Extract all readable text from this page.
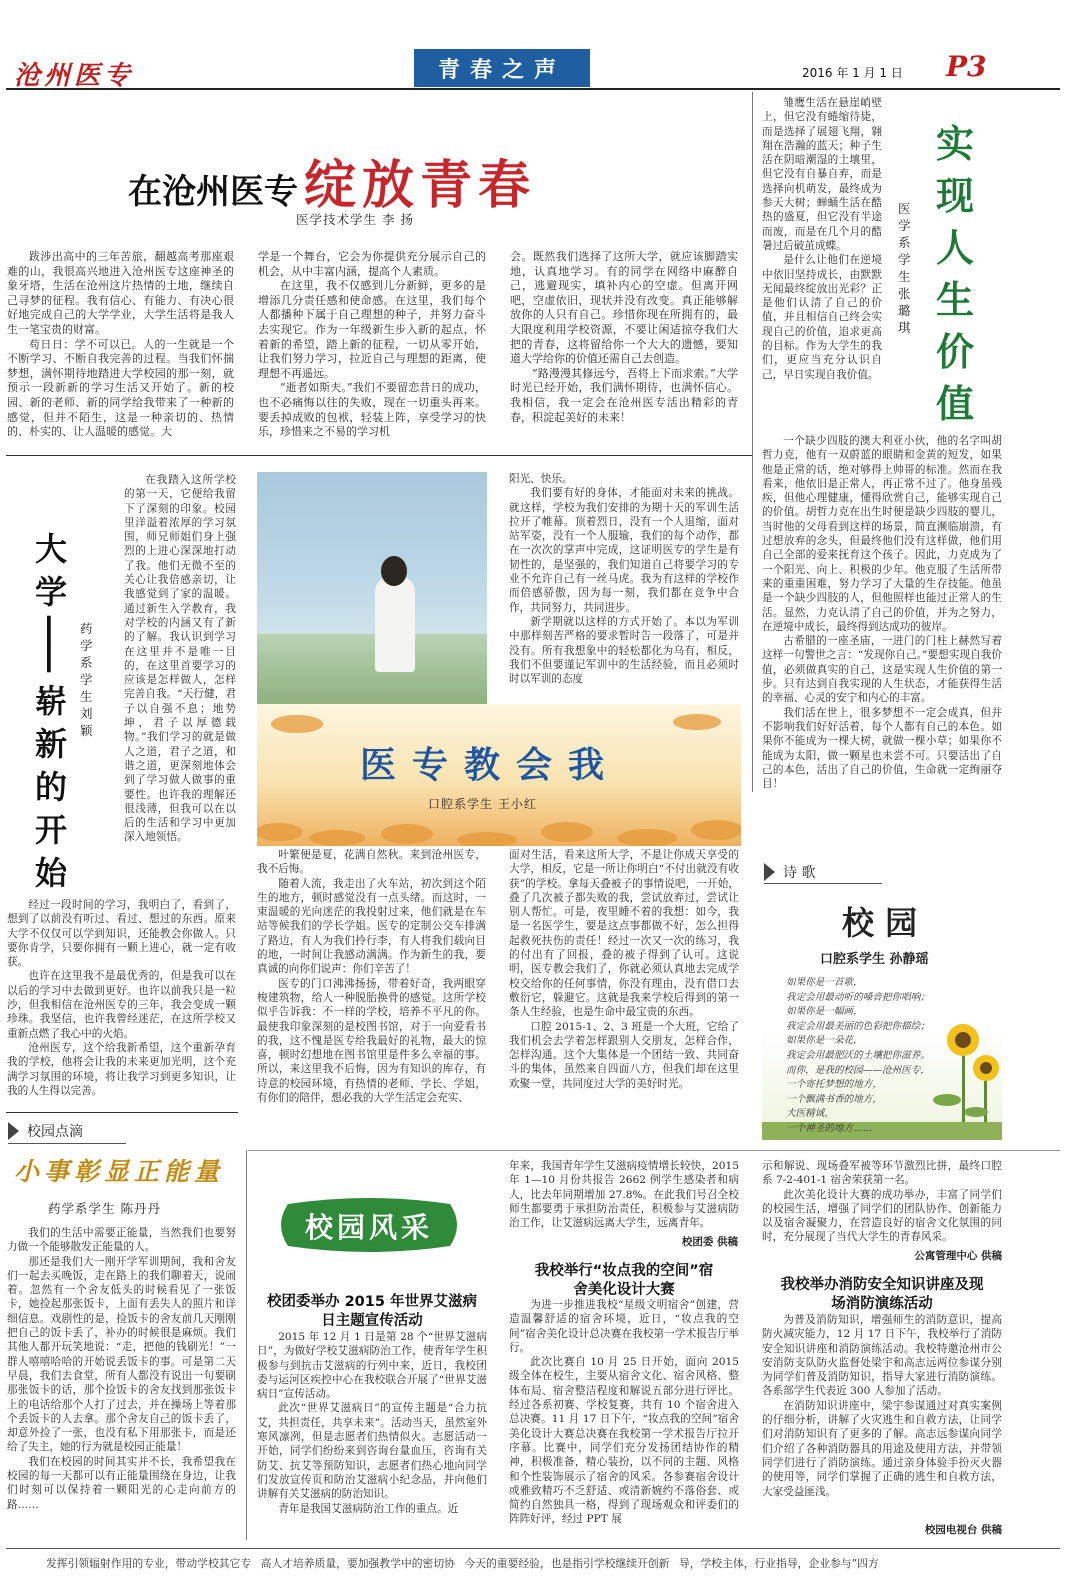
沧州医专	青春之声	2016 年 1 月 1 日 P3
在沧州医专 绽放青春
医学技术学生 李 扬

跋涉出高中的三年苦旅，翻越高考那座艰难的山，我很高兴地进入沧州医专这座神圣的象牙塔，生活在沧州这片热情的土地，继续自己寻梦的征程。我有信心、有能力、有决心很好地完成自己的大学学业，大学生活将是我人生一笔宝贵的财富。

苟日日：学不可以已。人的一生就是一个不断学习、不断自我完善的过程。当我们怀揣梦想，满怀期待地踏进大学校园的那一刻，就预示一段新新的学习生活又开始了。新的校园、新的老师、新的同学给我带来了一种新的感觉，但并不陌生，这是一种亲切的、热情的、朴实的、让人温暖的感觉。大

学是一个舞台，它会为你提供充分展示自己的机会，从中丰富内涵，提高个人素质。

在这里，我不仅感到儿分新鲜，更多的是增添几分责任感和使命感。在这里，我们每个人都播种下属于自己理想的种子，并努力奋斗去实现它。作为一年级新生步入新的起点，怀着新的希望，踏上新的征程，一切从零开始，让我们努力学习，拉近自己与理想的距离，使理想不再遥远。

“逝者如斯夫。”我们不要留恋昔日的成功，也不必痛悔以往的失败，现在一切重头再来。要丢掉成败的包袱，轻装上阵，享受学习的快乐，珍惜来之不易的学习机

会。既然我们选择了这所大学，就应该脚踏实地，认真地学习。有的同学在网络中麻醉自己，逃避现实，填补内心的空虚。但离开网吧，空虚依旧，现状并没有改变。真正能够解放你的人只有自己。珍惜你现在所拥有的，最大限度利用学校资源，不要让闲适掠夺我们大把的青春，这将留给你一个大大的遗憾，要知道大学给你的价值还需自己去创造。

“路漫漫其修远兮，吾将上下而求索。”大学时光已经开始，我们满怀期待，也满怀信心。我相信，我一定会在沧州医专活出精彩的青春，积淀起美好的未来！

雏鹰生活在悬崖峭壁上，但它没有蜷缩待毙，而是选择了展翅飞翔，翱翔在浩瀚的蓝天；种子生活在阴暗潮湿的土壤里，但它没有自暴自弃，而是选择向机萌发，最终成为参天大树；蝉蛹生活在酷热的盛夏，但它没有半途而废，而是在几个月的酷暑过后破茧成蝶。

是什么让他们在逆境中依旧坚持成长，由默默无闻最终绽放出光彩？正是他们认清了自己的价值，并且相信自己终会实现自己的价值，追求更高的目标。作为大学生的我们，更应当充分认识自己，早日实现自我价值。

实
现
人
生
价
值
医学系学生 张璐琪

一个缺少四肢的澳大利亚小伙，他的名字叫胡哲力克，他有一双蔚蓝的眼睛和金黄的短发，如果他是正常的话，绝对够得上帅哥的标准。然而在我看来，他依旧是正常人，再正常不过了。他身虽残疾，但他心理健康，懂得欣赏自己，能够实现自己的价值。胡哲力克在出生时便是缺少四肢的婴儿，当时他的父母看到这样的场景，简直濒临崩溃，有过想放弃的念头，但最终他们没有这样做，他们用自己全部的爱来抚育这个孩子。因此，力克成为了一个阳光、向上、积极的少年。他克服了生活所带来的重重困难，努力学习了大量的生存技能。他虽是一个缺少四肢的人，但他照样也能过正常人的生活。显然，力克认清了自己的价值，并为之努力，在逆境中成长，最终得到达成功的彼岸。

古希腊的一座圣庙，一进门的门柱上赫然写着这样一句警世之言：“发现你自己。”要想实现自我价值，必须做真实的自己，这是实现人生价值的第一步。只有达到自我实现的人生状态，才能获得生活的幸福、心灵的安宁和内心的丰富。

我们活在世上，很多梦想不一定会成真，但并不影响我们好好活着，每个人都有自己的本色。如果你不能成为一棵大树，就做一棵小草；如果你不能成为太阳，做一颗星也未尝不可。只要活出了自己的本色，活出了自己的价值，生命就一定绚丽夺目！

大
学
——
崭
新
的
开
始
药学系学生 刘颖

在我踏入这所学校的第一天，它便给我留下了深刻的印象。校园里洋溢着浓厚的学习氛围，师兄师姐们身上强烈的上进心深深地打动了我。他们无微不至的关心让我倍感亲切，让我感觉到了家的温暖。通过新生入学教育，我对学校的内涵又有了新的了解。我认识到学习在这里并不是唯一目的，在这里首要学习的应该是怎样做人，怎样完善自我。“天行健，君子以自强不息；地势坤，君子以厚德载物。”我们学习的就是做人之道，君子之道，和谐之道，更深刻地体会到了学习做人做事的重要性。也许我的理解还很浅薄，但我可以在以后的生活和学习中更加深入地领悟。

经过一段时间的学习，我明白了，看到了，想到了以前没有听过、看过、想过的东西。原来大学不仅仅可以学到知识，还能教会你做人。只要你肯学，只要你拥有一颗上进心，就一定有收获。

也许在这里我不是最优秀的，但是我可以在以后的学习中去做到更好。也许以前我只是一粒沙，但我相信在沧州医专的三年，我会变成一颗珍珠。我坚信，也许我曾经迷茫，在这所学校又重新点燃了我心中的火焰。

沧州医专，这个给我新希望，这个重新孕育我的学校，他将会让我的未来更加光明，这个充满学习氛围的环境，将让我学习到更多知识，让我的人生得以完善。

医专教会我
口腔系学生 王小红

阳光、快乐。

我们要有好的身体，才能面对未来的挑战。就这样，学校为我们安排的为期十天的军训生活拉开了帷幕。顶着烈日，没有一个人退缩，面对站军姿，没有一个人服输，我们的每个动作，都在一次次的掌声中完成，这证明医专的学生是有韧性的，是坚强的，我们知道自己将要学习的专业不允许自己有一丝马虎。我为有这样的学校作而倍感骄傲，因为每一刻，我们都在竞争中合作，共同努力，共同进步。

新学期就以这样的方式开始了。本以为军训中那样刻苦严格的要求暂时告一段落了，可是并没有。所有我想象中的轻松都化为乌有，相反，我们不但要谨记军训中的生活经验，而且必须时时以军训的态度

叶繁便是夏，花满自然秋。来到沧州医专，我不后悔。

随着人流，我走出了火车站，初次到这个陌生的地方，顿时感觉没有一点头绪。而这时，一束温暖的光向迷茫的我投射过来，他们就是在车站等候我们的学长学姐。医专的定制公交车排满了路边，有人为我们拎行李，有人将我们载向目的地，一时间让我感动满满。作为新生的我，要真诚的向你们说声：你们辛苦了！

医专的门口沸沸扬扬，带着好奇，我两眼穿梭建筑物，给人一种脱胎换骨的感觉。这所学校似乎告诉我：不一样的学校，培养不平凡的你。最使我印象深刻的是校图书馆，对于一向爱看书的我，这不愧是医专给我最好的礼物，最大的惊喜，顿时幻想地在图书馆里是件多么幸福的事。所以，来这里我不后悔，因为有知识的库存，有诗意的校园环境，有热情的老师、学长、学姐，有你们的陪伴，想必我的大学生活定会充实、

面对生活，看来这所大学，不是让你成天享受的大学，相反，它是一所让你明白“不付出就没有收获”的学校。拿每天叠被子的事情说吧，一开始，叠了几次被子都失败的我，尝试放弃过，尝试让别人帮忙。可是，夜里睡不着的我想：如今，我是一名医学生，要是这点事都做不好，怎么担得起救死扶伤的责任！经过一次又一次的练习，我的付出有了回报，叠的被子得到了认可。这说明，医专教会我们了，你就必须认真地去完成学校交给你的任何事情，你没有理由，没有借口去敷衍它，躲避它。这就是我来学校后得到的第一条人生经验，也是生命中最宝贵的东西。

口腔 2015-1、2、3 班是一个大班，它给了我们机会去学着怎样跟别人交朋友，怎样合作，怎样沟通。这个大集体是一个团结一致、共同奋斗的集体，虽然来自四面八方，但我们却在这里欢聚一堂，共同度过大学的美好时光。

诗 歌
校 园
口腔系学生 孙静瑶
如果你是一首歌，
我定会用最动听的嗓音把你唱响；
如果你是一幅画，
我定会用最美丽的色彩把你描绘；
如果你是一朵花，
我定会用最肥沃的土壤把你滋养。
而你，是我的校园——沧州医专，
一个寄托梦想的地方，
一个飘满书香的地方，
大医精诚，
一个神圣的地方……
校园点滴
小事彰显正能量
药学系学生 陈丹丹

我们的生活中需要正能量，当然我们也要努力做一个能够散发正能量的人。

那还是我们大一刚开学军训期间，我和舍友们一起去买晚饭，走在路上的我们聊着天，说闹着。忽然有一个舍友低头的时候看见了一张饭卡，她捡起那张饭卡，上面有丢失人的照片和详细信息。戏剧性的是，捡饭卡的舍友前几天刚刚把自己的饭卡丢了，补办的时候很是麻烦。我们其他人都开玩笑地说：“走，把他的钱刷光！”一群人嘻嘻哈哈的开始说丢饭卡的事。可是第二天早晨，我们去食堂，所有人都没有说出一句要刷那张饭卡的话，那个捡饭卡的舍友找到那张饭卡上的电话给那个人打了过去，并在操场上等着那个丢饭卡的人去拿。那个舍友自己的饭卡丢了，却意外捡了一张，也没有私下用那张卡，而是还给了失主，她的行为就是校园正能量！

我们在校园的时间其实并不长，我希望我在校园的每一天都可以有正能量围绕在身边，让我们时刻可以保持着一颗阳光的心走向前方的路……

校园风采
校团委举办 2015 年世界艾滋病日主题宣传活动

2015 年 12 月 1 日是第 28 个“世界艾滋病日”，为做好学校艾滋病防治工作，使青年学生积极参与到抗击艾滋病的行列中来，近日，我校团委与运河区疾控中心在我校联合开展了“世界艾滋病日”宣传活动。

此次“世界艾滋病日”的宣传主题是“合力抗艾，共担责任，共享未来”。活动当天，虽然室外寒风凛冽，但是志愿者们热情似火。志愿活动一开始，同学们纷纷来到咨询台量血压，咨询有关防艾、抗艾等预防知识，志愿者们热心地向同学们发放宣传页和防治艾滋病小纪念品，并向他们讲解有关艾滋病的防治知识。

青年是我国艾滋病防治工作的重点。近

年来，我国青年学生艾滋病疫情增长较快，2015 年 1—10 月份共报告 2662 例学生感染者和病人，比去年同期增加 27.8%。在此我们号召全校师生都要勇于承担防治责任，积极参与艾滋病防治工作，让艾滋病远离大学生，远离青年。

校团委 供稿
我校举行“妆点我的空间”宿舍美化设计大赛

为进一步推进我校“星级文明宿舍”创建，营造温馨舒适的宿舍环境，近日，“妆点我的空间”宿舍美化设计总决赛在我校第一学术报告厅举行。

此次比赛自 10 月 25 日开始，面向 2015 级全体在校生，主要从宿舍文化、宿舍风格、整体布局、宿舍整洁程度和解说五部分进行评比。经过各系初赛、学校复赛，共有 10 个宿舍进入总决赛。11 月 17 日下午，“妆点我的空间”宿舍美化设计大赛总决赛在我校第一学术报告厅拉开序幕。比赛中，同学们充分发扬团结协作的精神，积极准备，精心装扮，以不同的主题、风格和个性装饰展示了宿舍的风采。各参赛宿舍设计或雅致精巧不乏舒适、或清新婉约不落俗套、或简约自然独具一格，得到了现场观众和评委们的阵阵好评，经过 PPT 展

示和解说、现场叠军被等环节激烈比拼，最终口腔系 7-2-401-1 宿舍荣获第一名。

此次美化设计大赛的成功举办，丰富了同学们的校园生活，增强了同学们的团队协作、创新能力以及宿舍凝聚力，在营造良好的宿舍文化氛围的同时，充分展现了当代大学生的青春风采。

公寓管理中心 供稿
我校举办消防安全知识讲座及现场消防演练活动

为普及消防知识，增强师生的消防意识，提高防火减灾能力，12 月 17 日下午，我校举行了消防安全知识讲座和消防演练活动。我校特邀沧州市公安消防支队防火监督处梁宇和高志远两位参谋分别为同学们普及消防知识，指导大家进行消防演练。各系部学生代表近 300 人参加了活动。

在消防知识讲座中，梁宇参谋通过对真实案例的仔细分析，讲解了火灾逃生和自救方法，让同学们对消防知识有了更多的了解。高志远参谋向同学们介绍了各种消防器具的用途及使用方法，并带领同学们进行了消防演练。通过亲身体验手扮灭火器的使用等，同学们掌握了正确的逃生和自救方法，大家受益匪浅。

校园电视台 供稿
发挥引领辐射作用的专业，带动学校其它专 高人才培养质量，要加强教学中的密切协 今天的重要经验，也是指引学校继续开创新 导，学校主体，行业指导，企业参与”四方
